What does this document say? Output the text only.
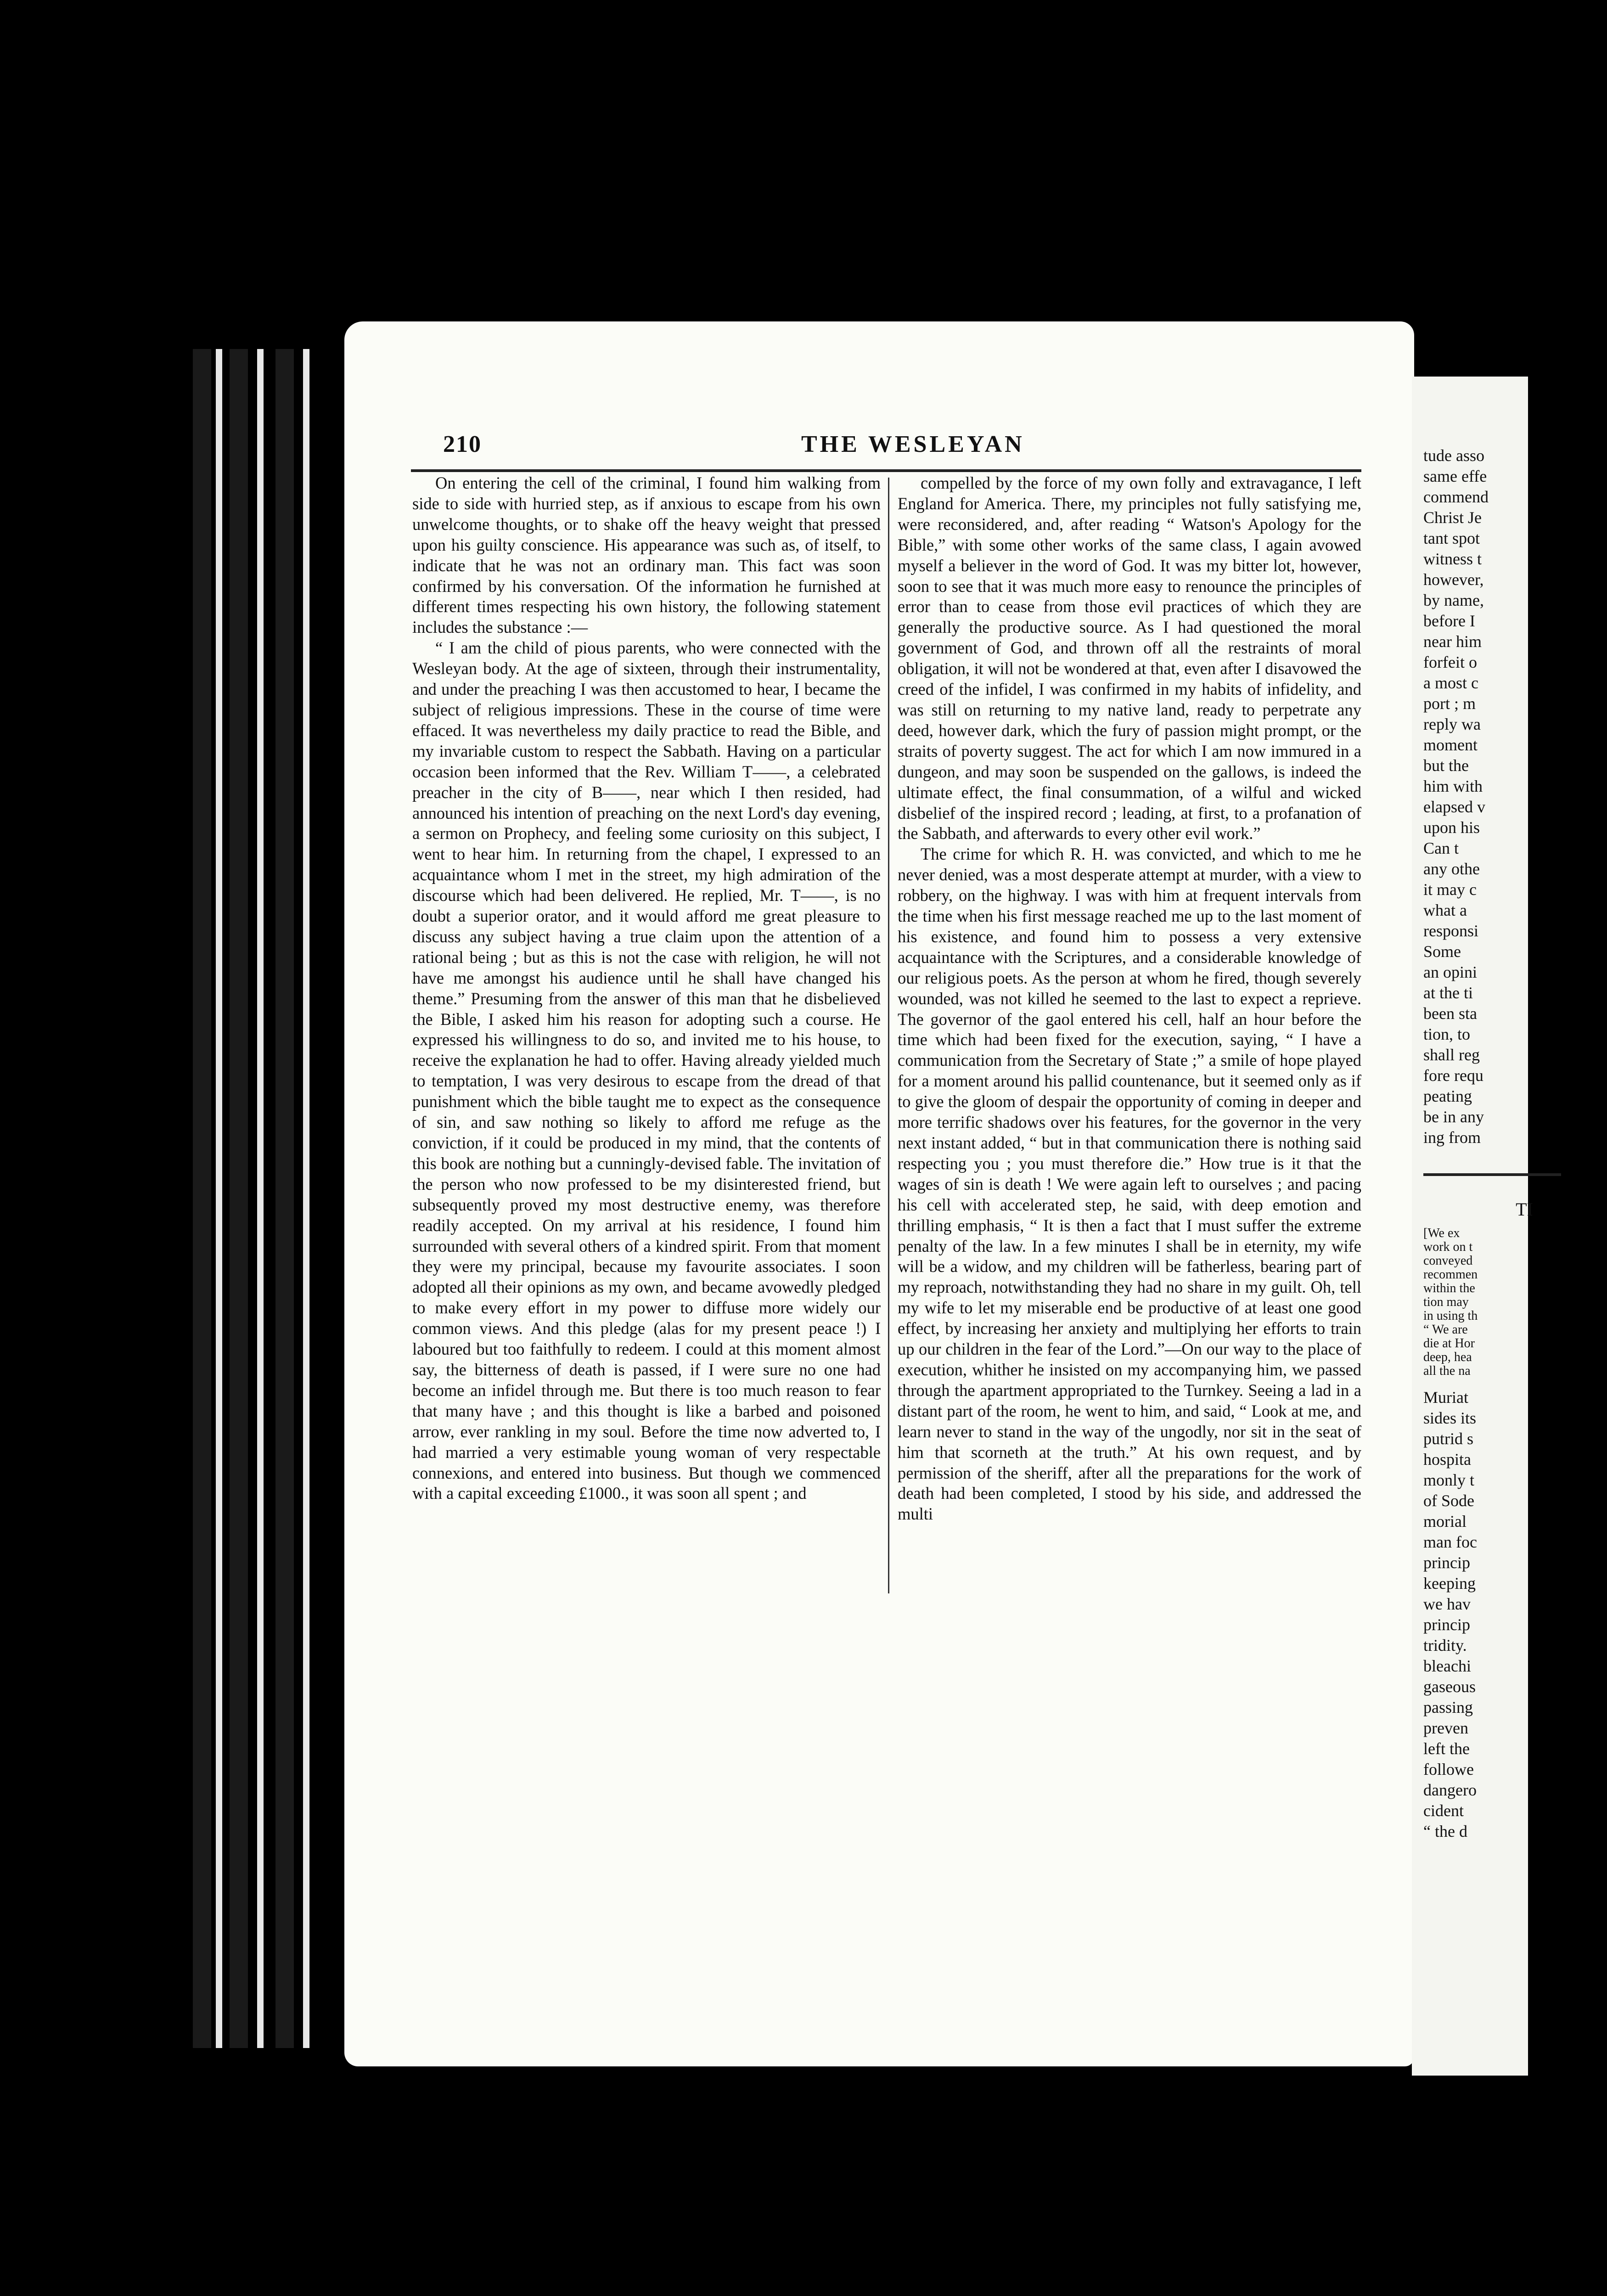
210	THE WESLEYAN

On entering the cell of the criminal, I found him walking from side to side with hurried step, as if anxious to escape from his own unwelcome thoughts, or to shake off the heavy weight that pressed upon his guilty conscience. His appearance was such as, of itself, to indicate that he was not an ordinary man. This fact was soon confirmed by his conversation. Of the information he furnished at different times respecting his own history, the following statement includes the substance :—

“ I am the child of pious parents, who were connected with the Wesleyan body. At the age of sixteen, through their instrumentality, and under the preaching I was then accustomed to hear, I became the subject of religious impressions. These in the course of time were effaced. It was nevertheless my daily practice to read the Bible, and my invariable custom to respect the Sabbath. Having on a particular occasion been informed that the Rev. William T——, a celebrated preacher in the city of B——, near which I then resided, had announced his intention of preaching on the next Lord's day evening, a sermon on Prophecy, and feeling some curiosity on this subject, I went to hear him. In returning from the chapel, I expressed to an acquaintance whom I met in the street, my high admiration of the discourse which had been delivered. He replied, Mr. T——, is no doubt a superior orator, and it would afford me great pleasure to discuss any subject having a true claim upon the attention of a rational being ; but as this is not the case with religion, he will not have me amongst his audience until he shall have changed his theme.” Presuming from the answer of this man that he disbelieved the Bible, I asked him his reason for adopting such a course. He expressed his willingness to do so, and invited me to his house, to receive the explanation he had to offer. Having already yielded much to temptation, I was very desirous to escape from the dread of that punishment which the bible taught me to expect as the consequence of sin, and saw nothing so likely to afford me refuge as the conviction, if it could be produced in my mind, that the contents of this book are nothing but a cunningly-devised fable. The invitation of the person who now professed to be my disinterested friend, but subsequently proved my most destructive enemy, was therefore readily accepted. On my arrival at his residence, I found him surrounded with several others of a kindred spirit. From that moment they were my principal, because my favourite associates. I soon adopted all their opinions as my own, and became avowedly pledged to make every effort in my power to diffuse more widely our common views. And this pledge (alas for my present peace !) I laboured but too faithfully to redeem. I could at this moment almost say, the bitterness of death is passed, if I were sure no one had become an infidel through me. But there is too much reason to fear that many have ; and this thought is like a barbed and poisoned arrow, ever rankling in my soul. Before the time now adverted to, I had married a very estimable young woman of very respectable connexions, and entered into business. But though we commenced with a capital exceeding £1000., it was soon all spent ; and

compelled by the force of my own folly and extravagance, I left England for America. There, my principles not fully satisfying me, were reconsidered, and, after reading “ Watson's Apology for the Bible,” with some other works of the same class, I again avowed myself a believer in the word of God. It was my bitter lot, however, soon to see that it was much more easy to renounce the principles of error than to cease from those evil practices of which they are generally the productive source. As I had questioned the moral government of God, and thrown off all the restraints of moral obligation, it will not be wondered at that, even after I disavowed the creed of the infidel, I was confirmed in my habits of infidelity, and was still on returning to my native land, ready to perpetrate any deed, however dark, which the fury of passion might prompt, or the straits of poverty suggest. The act for which I am now immured in a dungeon, and may soon be suspended on the gallows, is indeed the ultimate effect, the final consummation, of a wilful and wicked disbelief of the inspired record ; leading, at first, to a profanation of the Sabbath, and afterwards to every other evil work.”

The crime for which R. H. was convicted, and which to me he never denied, was a most desperate attempt at murder, with a view to robbery, on the highway. I was with him at frequent intervals from the time when his first message reached me up to the last moment of his existence, and found him to possess a very extensive acquaintance with the Scriptures, and a considerable knowledge of our religious poets. As the person at whom he fired, though severely wounded, was not killed he seemed to the last to expect a reprieve. The governor of the gaol entered his cell, half an hour before the time which had been fixed for the execution, saying, “ I have a communication from the Secretary of State ;” a smile of hope played for a moment around his pallid countenance, but it seemed only as if to give the gloom of despair the opportunity of coming in deeper and more terrific shadows over his features, for the governor in the very next instant added, “ but in that communication there is nothing said respecting you ; you must therefore die.” How true is it that the wages of sin is death ! We were again left to ourselves ; and pacing his cell with accelerated step, he said, with deep emotion and thrilling emphasis, “ It is then a fact that I must suffer the extreme penalty of the law. In a few minutes I shall be in eternity, my wife will be a widow, and my children will be fatherless, bearing part of my reproach, notwithstanding they had no share in my guilt. Oh, tell my wife to let my miserable end be productive of at least one good effect, by increasing her anxiety and multiplying her efforts to train up our children in the fear of the Lord.”—On our way to the place of execution, whither he insisted on my accompanying him, we passed through the apartment appropriated to the Turnkey. Seeing a lad in a distant part of the room, he went to him, and said, “ Look at me, and learn never to stand in the way of the ungodly, nor sit in the seat of him that scorneth at the truth.” At his own request, and by permission of the sheriff, after all the preparations for the work of death had been completed, I stood by his side, and addressed the multi

tude asso

same effe

commend

Christ Je

tant spot

witness t

however,

by name,

before I

near him

forfeit o

a most c

port ; m

reply wa

moment

but the

him with

elapsed v

upon his

Can t

any othe

it may c

what a

responsi

Some

an opini

at the ti

been sta

tion, to

shall reg

fore requ

peating

be in any

ing from

TI

[We ex

work on t

conveyed

recommen

within the

tion may

in using th

“ We are

die at Hor

deep, hea

all the na

Muriat

sides its

putrid s

hospita

monly t

of Sode

morial

man foc

princip

keeping

we hav

princip

tridity.

bleachi

gaseous

passing

preven

left the

followe

dangero

cident

“ the d
